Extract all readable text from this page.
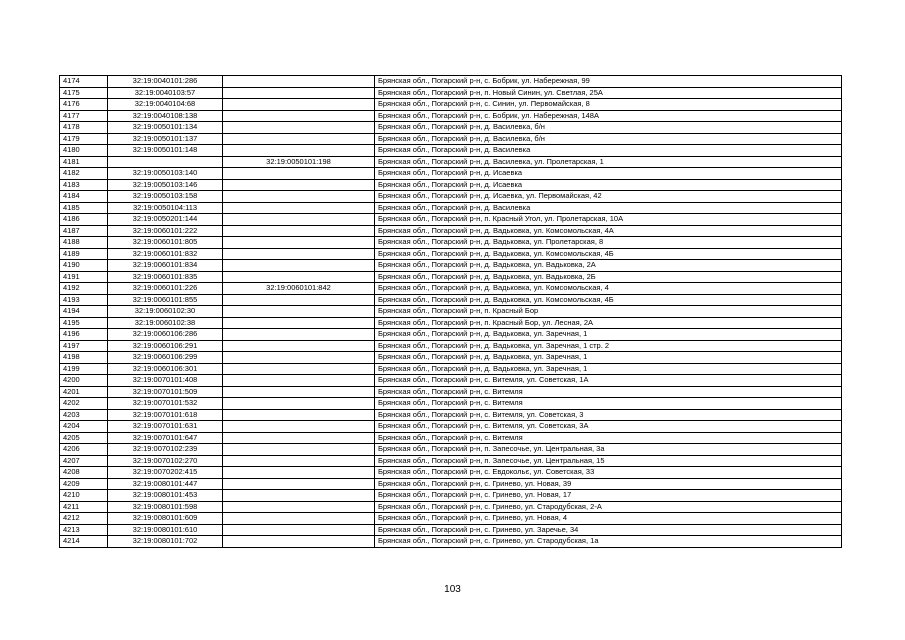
4174	32:19:0040101:286		Брянская обл., Погарский р-н, с. Бобрик, ул. Набережная, 99
4175	32:19:0040103:57		Брянская обл., Погарский р-н, п. Новый Синин, ул. Светлая, 25А
4176	32:19:0040104:68		Брянская обл., Погарский р-н, с. Синин, ул. Первомайская, 8
4177	32:19:0040108:138		Брянская обл., Погарский р-н, с. Бобрик, ул. Набережная, 148А
4178	32:19:0050101:134		Брянская обл., Погарский р-н, д. Василевка, б/н
4179	32:19:0050101:137		Брянская обл., Погарский р-н, д. Василевка, б/н
4180	32:19:0050101:148		Брянская обл., Погарский р-н, д. Василевка
4181		32:19:0050101:198	Брянская обл., Погарский р-н, д. Василевка, ул. Пролетарская, 1
4182	32:19:0050103:140		Брянская обл., Погарский р-н, д. Исаевка
4183	32:19:0050103:146		Брянская обл., Погарский р-н, д. Исаевка
4184	32:19:0050103:158		Брянская обл., Погарский р-н, д. Исаевка, ул. Первомайская, 42
4185	32:19:0050104:113		Брянская обл., Погарский р-н, д. Василевка
4186	32:19:0050201:144		Брянская обл., Погарский р-н, п. Красный Угол, ул. Пролетарская, 10А
4187	32:19:0060101:222		Брянская обл., Погарский р-н, д. Вадьковка, ул. Комсомольская, 4А
4188	32:19:0060101:805		Брянская обл., Погарский р-н, д. Вадьковка, ул. Пролетарская, 8
4189	32:19:0060101:832		Брянская обл., Погарский р-н, д. Вадьковка, ул. Комсомольская, 4Б
4190	32:19:0060101:834		Брянская обл., Погарский р-н, д. Вадьковка, ул. Вадьковка, 2А
4191	32:19:0060101:835		Брянская обл., Погарский р-н, д. Вадьковка, ул. Вадьковка, 2Б
4192	32:19:0060101:226	32:19:0060101:842	Брянская обл., Погарский р-н, д. Вадьковка, ул. Комсомольская, 4
4193	32:19:0060101:855		Брянская обл., Погарский р-н, д. Вадьковка, ул. Комсомольская, 4Б
4194	32:19:0060102:30		Брянская обл., Погарский р-н, п. Красный Бор
4195	32:19:0060102:38		Брянская обл., Погарский р-н, п. Красный Бор, ул. Лесная, 2А
4196	32:19:0060106:286		Брянская обл., Погарский р-н, д. Вадьковка, ул. Заречная, 1
4197	32:19:0060106:291		Брянская обл., Погарский р-н, д. Вадьковка, ул. Заречная, 1 стр. 2
4198	32:19:0060106:299		Брянская обл., Погарский р-н, д. Вадьковка, ул. Заречная, 1
4199	32:19:0060106:301		Брянская обл., Погарский р-н, д. Вадьковка, ул. Заречная, 1
4200	32:19:0070101:408		Брянская обл., Погарский р-н, с. Витемля, ул. Советская, 1А
4201	32:19:0070101:509		Брянская обл., Погарский р-н, с. Витемля
4202	32:19:0070101:532		Брянская обл., Погарский р-н, с. Витемля
4203	32:19:0070101:618		Брянская обл., Погарский р-н, с. Витемля, ул. Советская, 3
4204	32:19:0070101:631		Брянская обл., Погарский р-н, с. Витемля, ул. Советская, 3А
4205	32:19:0070101:647		Брянская обл., Погарский р-н, с. Витемля
4206	32:19:0070102:239		Брянская обл., Погарский р-н, п. Запесочье, ул. Центральная, 3а
4207	32:19:0070102:270		Брянская обл., Погарский р-н, п. Запесочье, ул. Центральная, 15
4208	32:19:0070202:415		Брянская обл., Погарский р-н, с. Евдокольє, ул. Советская, 33
4209	32:19:0080101:447		Брянская обл., Погарский р-н, с. Гринево, ул. Новая, 39
4210	32:19:0080101:453		Брянская обл., Погарский р-н, с. Гринево, ул. Новая, 17
4211	32:19:0080101:598		Брянская обл., Погарский р-н, с. Гринево, ул. Стародубская, 2-А
4212	32:19:0080101:609		Брянская обл., Погарский р-н, с. Гринево, ул. Новая, 4
4213	32:19:0080101:610		Брянская обл., Погарский р-н, с. Гринево, ул. Заречье, 34
4214	32:19:0080101:702		Брянская обл., Погарский р-н, с. Гринево, ул. Стародубская, 1а
103
